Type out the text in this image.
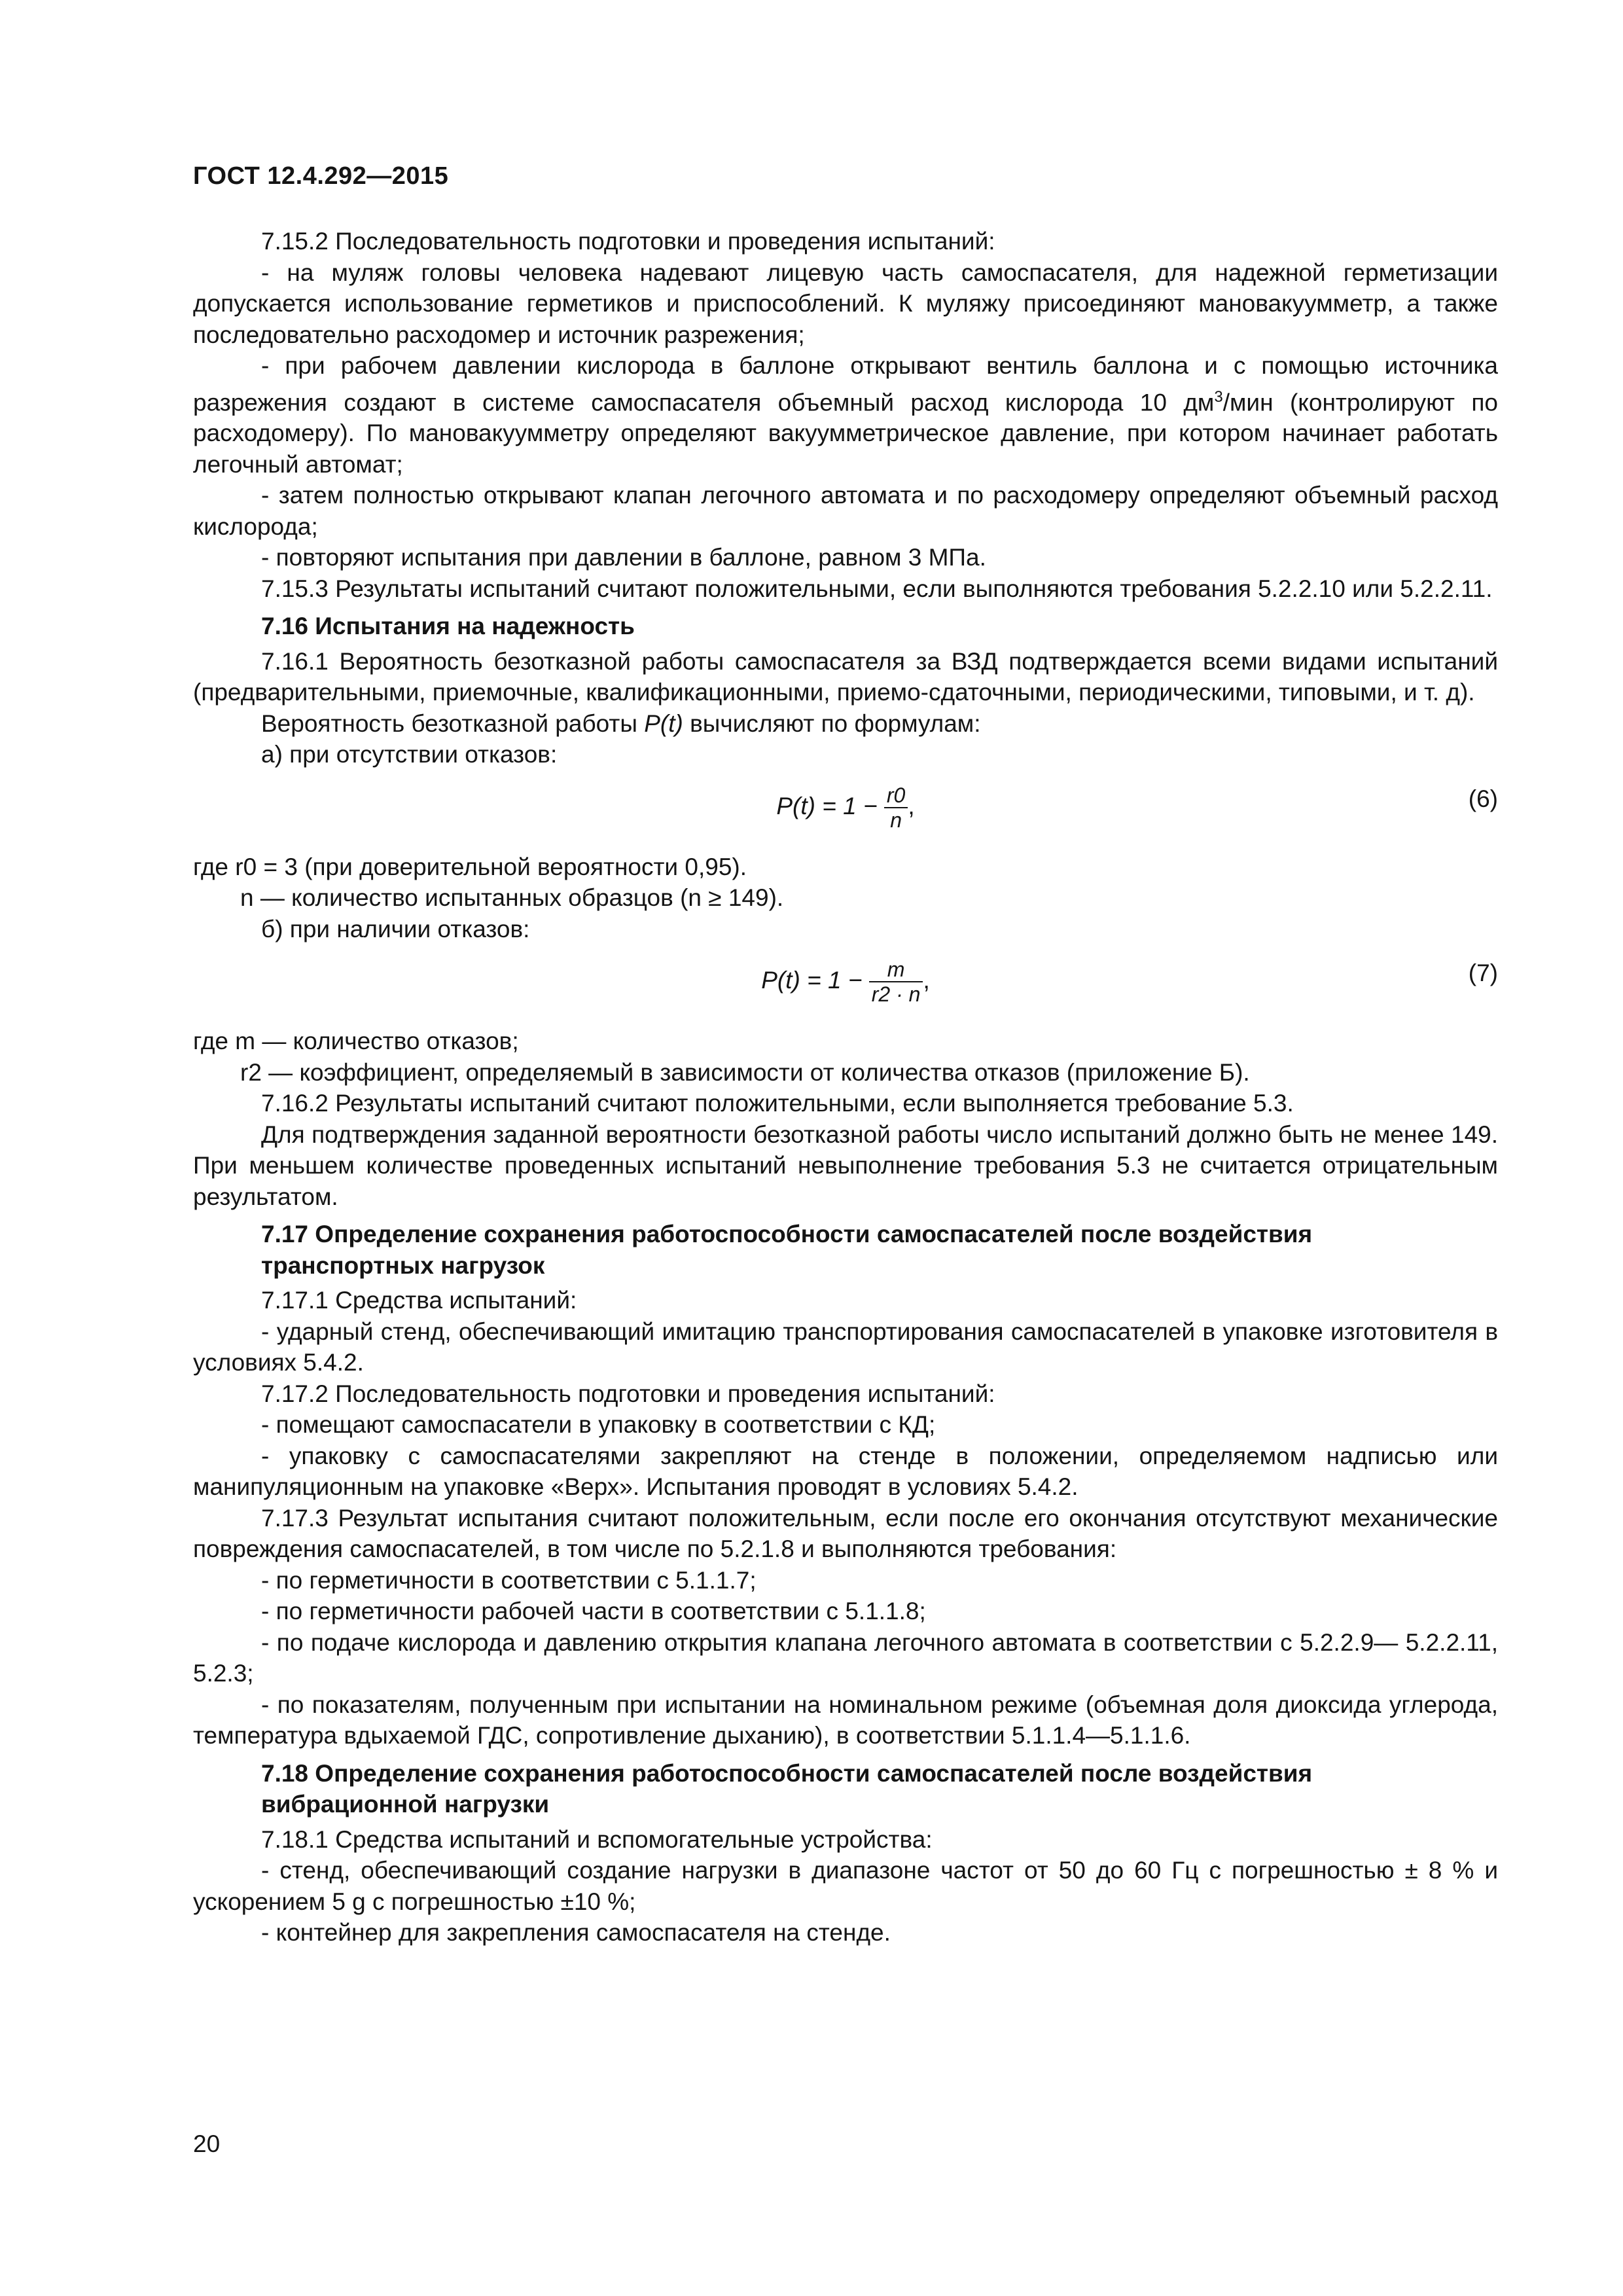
ГОСТ 12.4.292—2015

7.15.2 Последовательность подготовки и проведения испытаний:

- на муляж головы человека надевают лицевую часть самоспасателя, для надежной герметизации допускается использование герметиков и приспособлений. К муляжу присоединяют мановакуумметр, а также последовательно расходомер и источник разрежения;

- при рабочем давлении кислорода в баллоне открывают вентиль баллона и с помощью источника разрежения создают в системе самоспасателя объемный расход кислорода 10 $дм^3$/мин (контролируют по расходомеру). По мановакуумметру определяют вакуумметрическое давление, при котором начинает работать легочный автомат;

- затем полностью открывают клапан легочного автомата и по расходомеру определяют объемный расход кислорода;

- повторяют испытания при давлении в баллоне, равном 3 МПа.

7.15.3 Результаты испытаний считают положительными, если выполняются требования 5.2.2.10 или 5.2.2.11.

7.16 Испытания на надежность

7.16.1 Вероятность безотказной работы самоспасателя за ВЗД подтверждается всеми видами испытаний (предварительными, приемочные, квалификационными, приемо-сдаточными, периодическими, типовыми, и т. д).

Вероятность безотказной работы P(t) вычисляют по формулам:

а) при отсутствии отказов:

$P(t) = 1 - \frac{r0}{n}$ ,	(6)

где r0 = 3 (при доверительной вероятности 0,95).

n — количество испытанных образцов (n ≥ 149).

б) при наличии отказов:

$P(t) = 1 - \frac{m}{r2 \cdot n}$ ,	(7)

где m — количество отказов;

r2 — коэффициент, определяемый в зависимости от количества отказов (приложение Б).

7.16.2 Результаты испытаний считают положительными, если выполняется требование 5.3.

Для подтверждения заданной вероятности безотказной работы число испытаний должно быть не менее 149. При меньшем количестве проведенных испытаний невыполнение требования 5.3 не считается отрицательным результатом.

7.17 Определение сохранения работоспособности самоспасателей после воздействия

транспортных нагрузок

7.17.1 Средства испытаний:

- ударный стенд, обеспечивающий имитацию транспортирования самоспасателей в упаковке изготовителя в условиях 5.4.2.

7.17.2 Последовательность подготовки и проведения испытаний:

- помещают самоспасатели в упаковку в соответствии с КД;

- упаковку с самоспасателями закрепляют на стенде в положении, определяемом надписью или манипуляционным на упаковке «Верх». Испытания проводят в условиях 5.4.2.

7.17.3 Результат испытания считают положительным, если после его окончания отсутствуют механические повреждения самоспасателей, в том числе по 5.2.1.8 и выполняются требования:

- по герметичности в соответствии с 5.1.1.7;

- по герметичности рабочей части в соответствии с 5.1.1.8;

- по подаче кислорода и давлению открытия клапана легочного автомата в соответствии с 5.2.2.9— 5.2.2.11, 5.2.3;

- по показателям, полученным при испытании на номинальном режиме (объемная доля диоксида углерода, температура вдыхаемой ГДС, сопротивление дыханию), в соответствии 5.1.1.4—5.1.1.6.

7.18 Определение сохранения работоспособности самоспасателей после воздействия

вибрационной нагрузки

7.18.1 Средства испытаний и вспомогательные устройства:

- стенд, обеспечивающий создание нагрузки в диапазоне частот от 50 до 60 Гц с погрешностью ± 8 % и ускорением 5 g с погрешностью ±10 %;

- контейнер для закрепления самоспасателя на стенде.

20
